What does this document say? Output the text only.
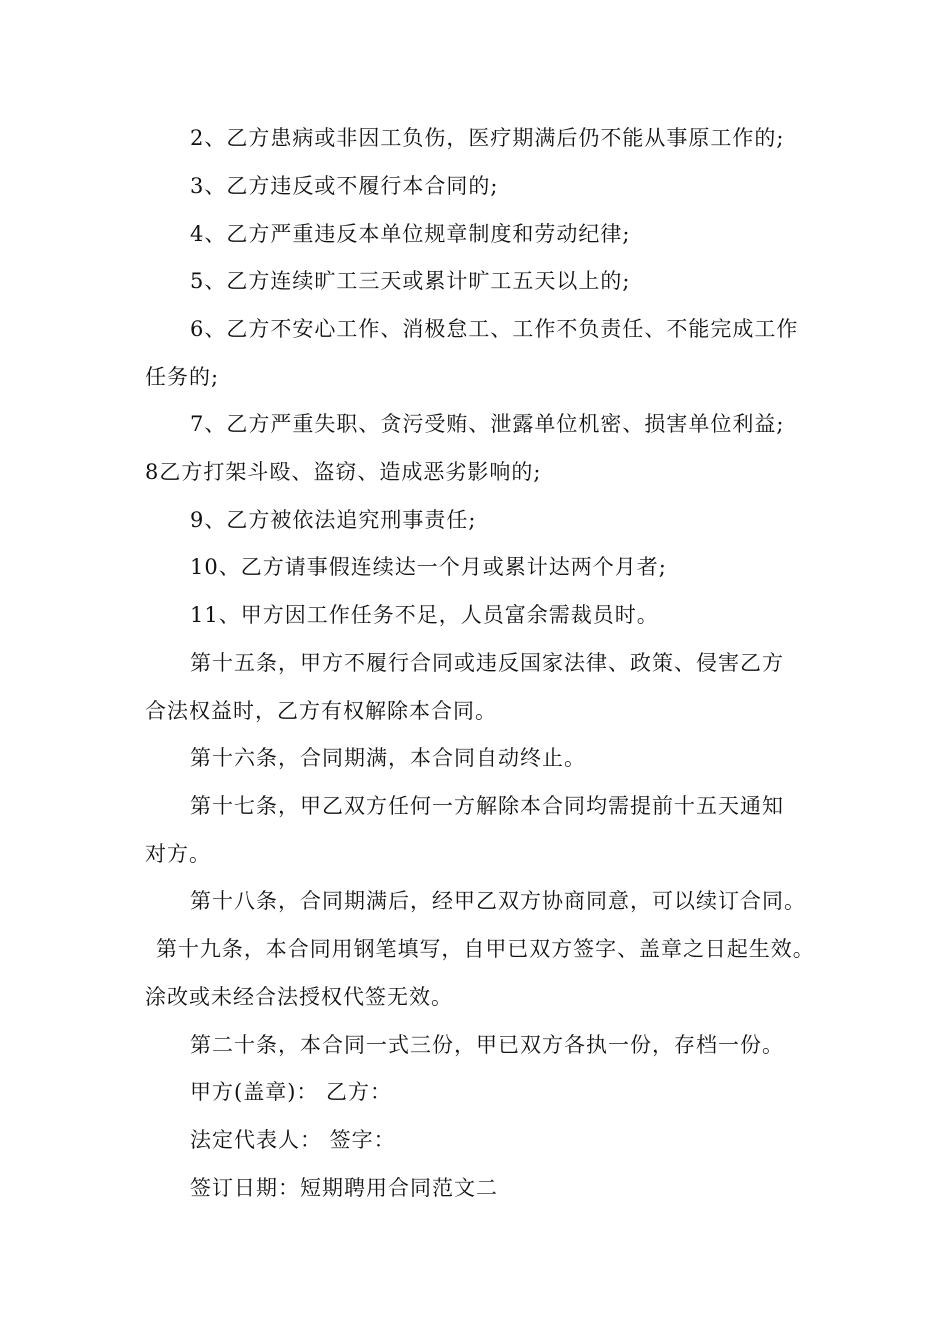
2、乙方患病或非因工负伤，医疗期满后仍不能从事原工作的;
3、乙方违反或不履行本合同的;
4、乙方严重违反本单位规章制度和劳动纪律;
5、乙方连续旷工三天或累计旷工五天以上的;
6、乙方不安心工作、消极怠工、工作不负责任、不能完成工作
任务的;
7、乙方严重失职、贪污受贿、泄露单位机密、损害单位利益;
8乙方打架斗殴、盗窃、造成恶劣影响的;
9、乙方被依法追究刑事责任;
10、乙方请事假连续达一个月或累计达两个月者;
11、甲方因工作任务不足，人员富余需裁员时。
第十五条，甲方不履行合同或违反国家法律、政策、侵害乙方
合法权益时，乙方有权解除本合同。
第十六条，合同期满，本合同自动终止。
第十七条，甲乙双方任何一方解除本合同均需提前十五天通知
对方。
第十八条，合同期满后，经甲乙双方协商同意，可以续订合同。
第十九条，本合同用钢笔填写，自甲已双方签字、盖章之日起生效。
涂改或未经合法授权代签无效。
第二十条，本合同一式三份，甲已双方各执一份，存档一份。
甲方(盖章)： 乙方：
法定代表人： 签字：
签订日期：短期聘用合同范文二
